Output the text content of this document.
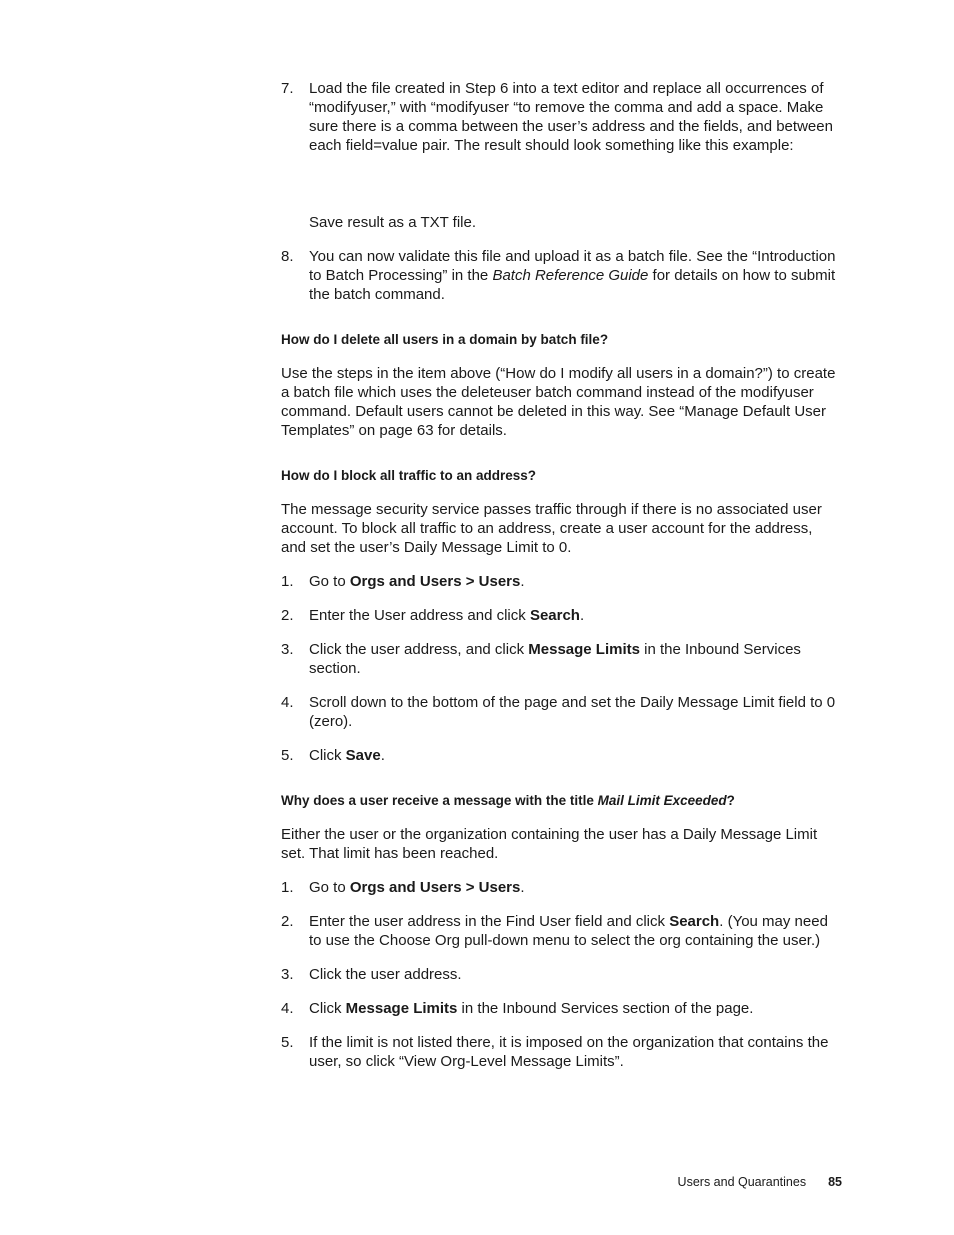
7.	Load the file created in Step 6 into a text editor and replace all occurrences of “modifyuser,” with “modifyuser “to remove the comma and add a space. Make sure there is a comma between the user’s address and the fields, and between each field=value pair. The result should look something like this example:

Save result as a TXT file.

8.	You can now validate this file and upload it as a batch file. See the “Introduction to Batch Processing” in the Batch Reference Guide for details on how to submit the batch command.

How do I delete all users in a domain by batch file?

Use the steps in the item above (“How do I modify all users in a domain?”) to create a batch file which uses the deleteuser batch command instead of the modifyuser command. Default users cannot be deleted in this way. See “Manage Default User Templates” on page 63 for details.

How do I block all traffic to an address?

The message security service passes traffic through if there is no associated user account. To block all traffic to an address, create a user account for the address, and set the user’s Daily Message Limit to 0.

1.	Go to Orgs and Users > Users.
2.	Enter the User address and click Search.
3.	Click the user address, and click Message Limits in the Inbound Services section.
4.	Scroll down to the bottom of the page and set the Daily Message Limit field to 0 (zero).
5.	Click Save.

Why does a user receive a message with the title Mail Limit Exceeded?

Either the user or the organization containing the user has a Daily Message Limit set. That limit has been reached.

1.	Go to Orgs and Users > Users.
2.	Enter the user address in the Find User field and click Search. (You may need to use the Choose Org pull-down menu to select the org containing the user.)
3.	Click the user address.
4.	Click Message Limits in the Inbound Services section of the page.
5.	If the limit is not listed there, it is imposed on the organization that contains the user, so click “View Org-Level Message Limits”.
Users and Quarantines 85
